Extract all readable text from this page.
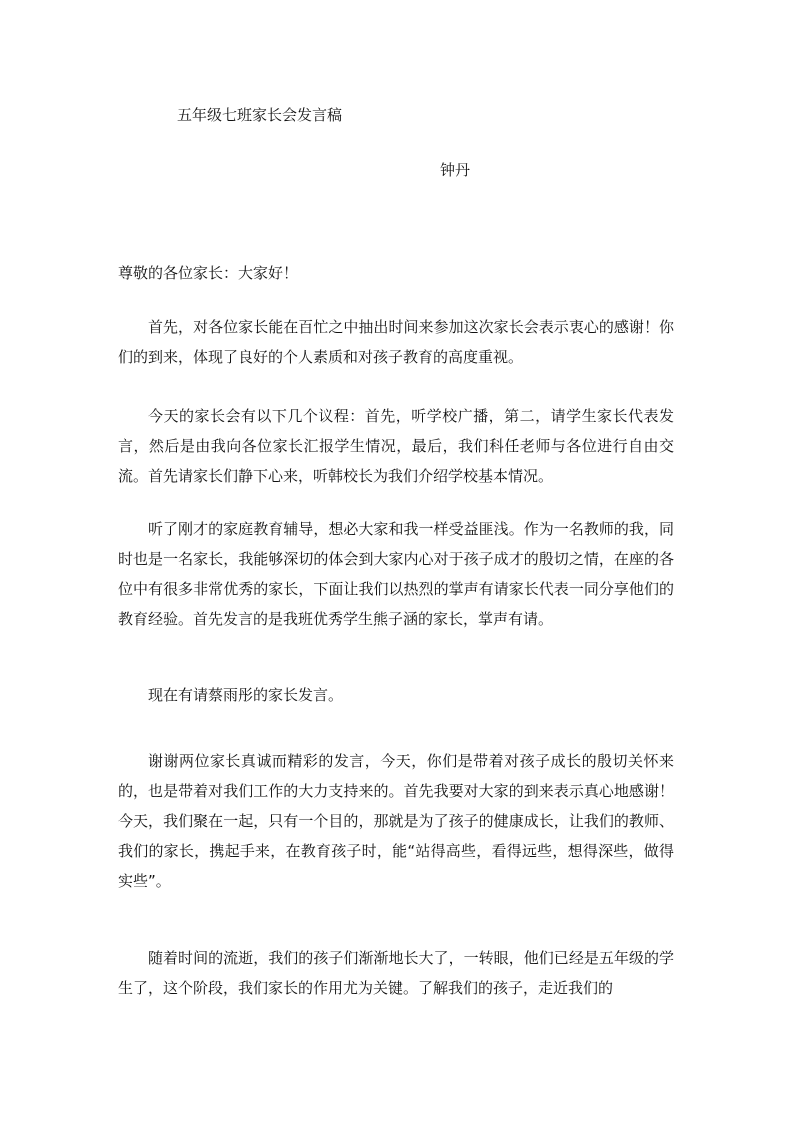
五年级七班家长会发言稿
钟丹

尊敬的各位家长：大家好！

首先，对各位家长能在百忙之中抽出时间来参加这次家长会表示衷心的感谢！你们的到来，体现了良好的个人素质和对孩子教育的高度重视。

今天的家长会有以下几个议程：首先，听学校广播，第二，请学生家长代表发言，然后是由我向各位家长汇报学生情况，最后，我们科任老师与各位进行自由交流。首先请家长们静下心来，听韩校长为我们介绍学校基本情况。

听了刚才的家庭教育辅导，想必大家和我一样受益匪浅。作为一名教师的我，同时也是一名家长，我能够深切的体会到大家内心对于孩子成才的殷切之情，在座的各位中有很多非常优秀的家长，下面让我们以热烈的掌声有请家长代表一同分享他们的教育经验。首先发言的是我班优秀学生熊子涵的家长，掌声有请。

现在有请蔡雨彤的家长发言。

谢谢两位家长真诚而精彩的发言，今天，你们是带着对孩子成长的殷切关怀来的，也是带着对我们工作的大力支持来的。首先我要对大家的到来表示真心地感谢！今天，我们聚在一起，只有一个目的，那就是为了孩子的健康成长，让我们的教师、我们的家长，携起手来，在教育孩子时，能“站得高些，看得远些，想得深些，做得实些”。

随着时间的流逝，我们的孩子们渐渐地长大了，一转眼，他们已经是五年级的学生了，这个阶段，我们家长的作用尤为关键。了解我们的孩子，走近我们的
